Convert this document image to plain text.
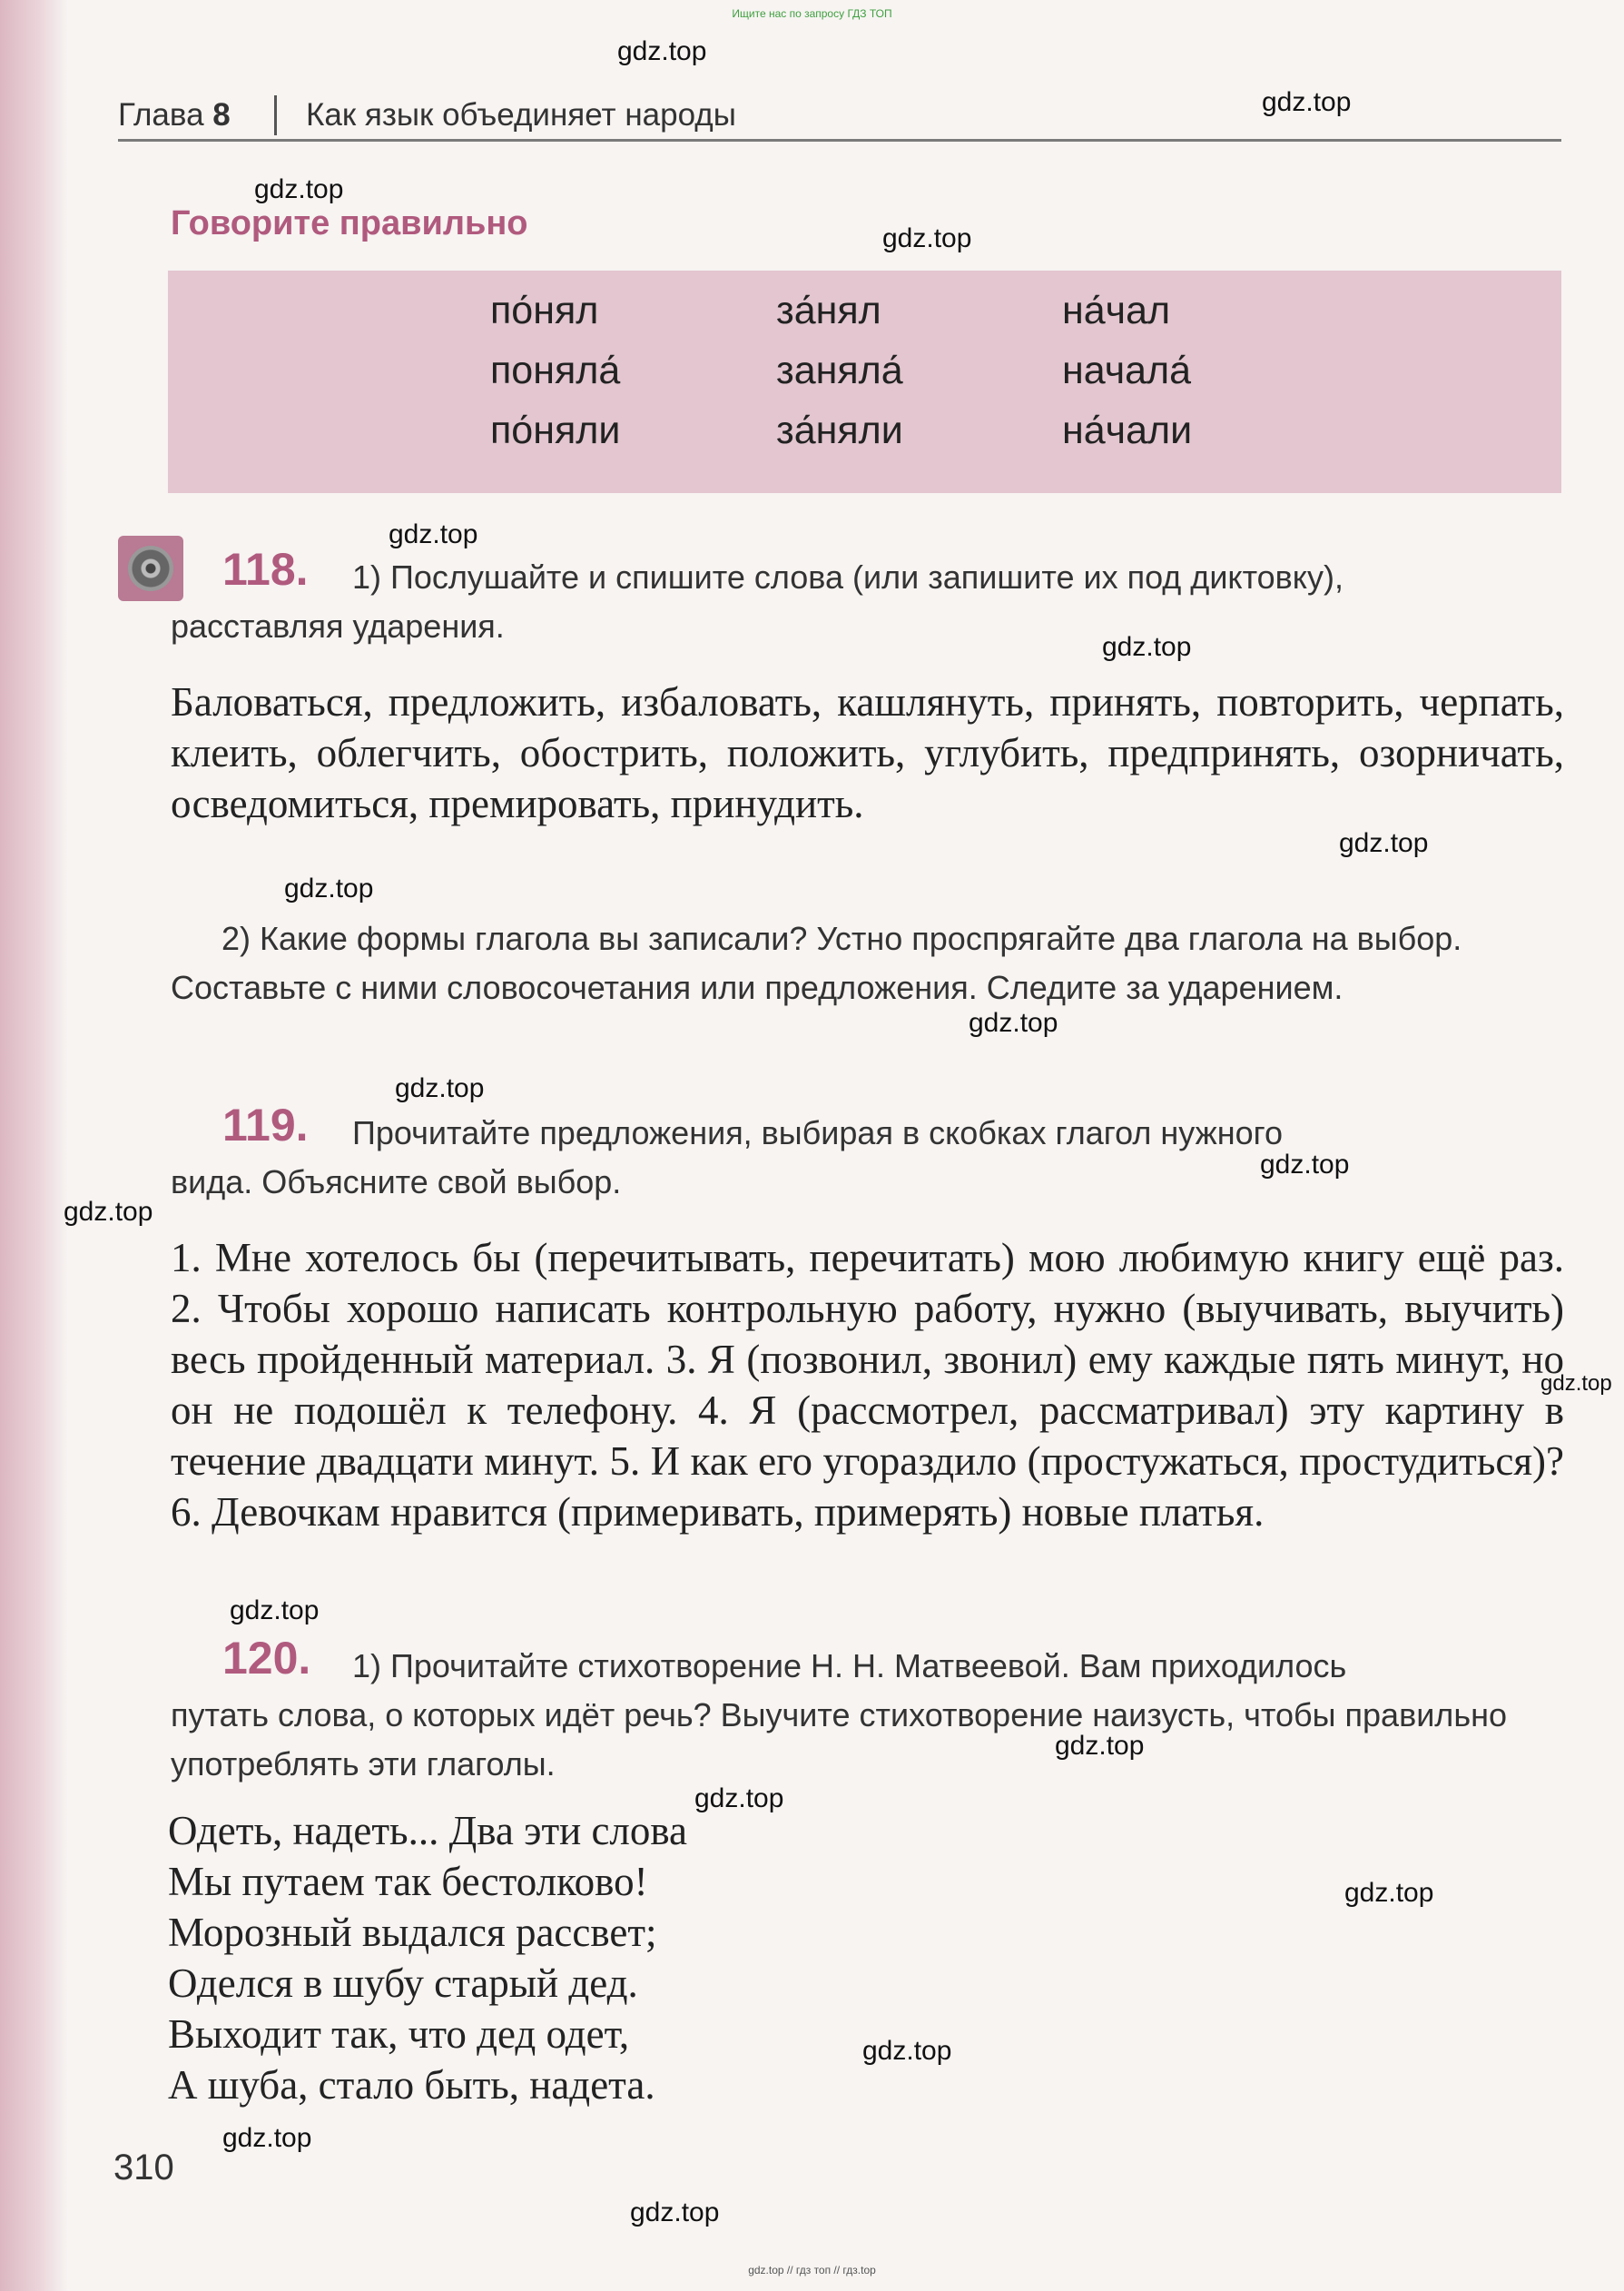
Ищите нас по запросу ГДЗ ТОП
gdz.top
gdz.top
gdz.top
gdz.top
gdz.top
gdz.top
gdz.top
gdz.top
gdz.top
gdz.top
gdz.top
gdz.top
gdz.top
gdz.top
gdz.top
gdz.top
gdz.top
gdz.top
gdz.top
gdz.top
Глава 8 Как язык объединяет народы
Говорите правильно
по́нял	за́нял	на́чал
поняла́	заняла́	начала́
по́няли	за́няли	на́чали
118. 1) Послушайте и спишите слова (или запишите их под диктовку),
расставляя ударения.
Баловаться, предложить, избаловать, кашлянуть, принять, повторить, черпать, клеить, облегчить, обострить, положить, углубить, предпринять, озорничать, осведомиться, премировать, принудить.
2) Какие формы глагола вы записали? Устно проспрягайте два глагола на выбор. Составьте с ними словосочетания или предложения. Следите за ударением.
119. Прочитайте предложения, выбирая в скобках глагол нужного
вида. Объясните свой выбор.
1. Мне хотелось бы (перечитывать, перечитать) мою любимую книгу ещё раз. 2. Чтобы хорошо написать контрольную работу, нужно (выучивать, выучить) весь пройденный материал. 3. Я (позвонил, звонил) ему каждые пять минут, но он не подошёл к телефону. 4. Я (рассмотрел, рассматривал) эту картину в течение двадцати минут. 5. И как его угораздило (простужаться, простудиться)? 6. Девочкам нравится (примеривать, примерять) новые платья.
120. 1) Прочитайте стихотворение Н. Н. Матвеевой. Вам приходилось
путать слова, о которых идёт речь? Выучите стихотворение наизусть, чтобы правильно употреблять эти глаголы.
Одеть, надеть... Два эти слова
Мы путаем так бестолково!
Морозный выдался рассвет;
Оделся в шубу старый дед.
Выходит так, что дед одет,
А шуба, стало быть, надета.
310
gdz.top // гдз топ // гдз.top
